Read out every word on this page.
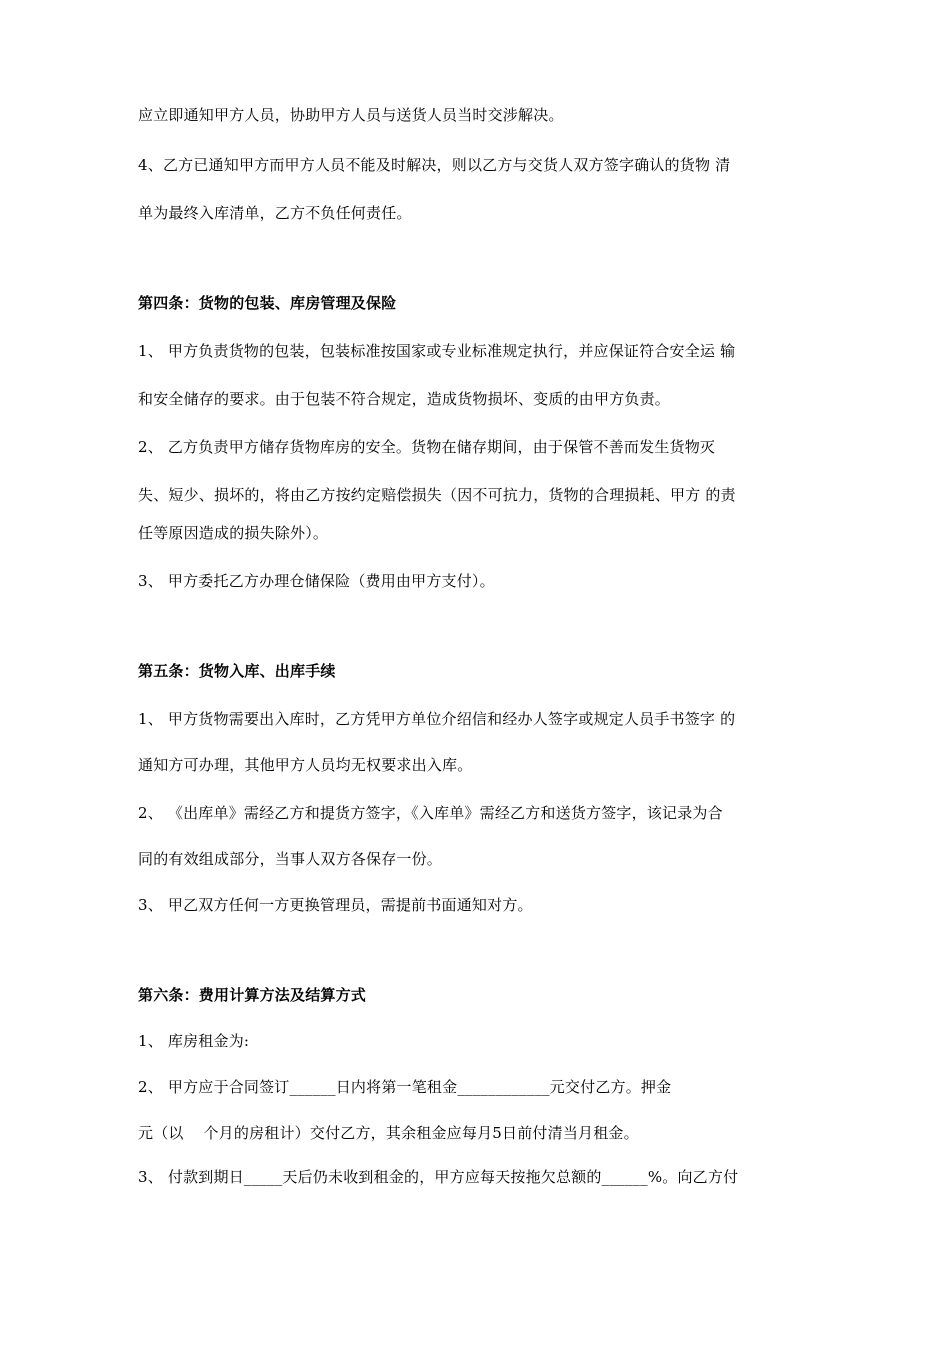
应立即通知甲方人员，协助甲方人员与送货人员当时交涉解决。
4、乙方已通知甲方而甲方人员不能及时解决，则以乙方与交货人双方签字确认的货物 清
单为最终入库清单，乙方不负任何责任。
第四条：货物的包装、库房管理及保险
1、 甲方负责货物的包装，包装标准按国家或专业标准规定执行，并应保证符合安全运 输
和安全储存的要求。由于包装不符合规定，造成货物损坏、变质的由甲方负责。
2、 乙方负责甲方储存货物库房的安全。货物在储存期间，由于保管不善而发生货物灭
失、短少、损坏的，将由乙方按约定赔偿损失（因不可抗力，货物的合理损耗、甲方 的责
任等原因造成的损失除外）。
3、 甲方委托乙方办理仓储保险（费用由甲方支付）。
第五条：货物入库、出库手续
1、 甲方货物需要出入库时，乙方凭甲方单位介绍信和经办人签字或规定人员手书签字 的
通知方可办理，其他甲方人员均无权要求出入库。
2、 《出库单》需经乙方和提货方签字，《入库单》需经乙方和送货方签字，该记录为合
同的有效组成部分，当事人双方各保存一份。
3、 甲乙双方任何一方更换管理员，需提前书面通知对方。
第六条：费用计算方法及结算方式
1、 库房租金为:
2、 甲方应于合同签订______日内将第一笔租金____________元交付乙方。押金
元（以    个月的房租计）交付乙方，其余租金应每月5日前付清当月租金。
3、 付款到期日_____天后仍未收到租金的，甲方应每天按拖欠总额的______%。向乙方付
